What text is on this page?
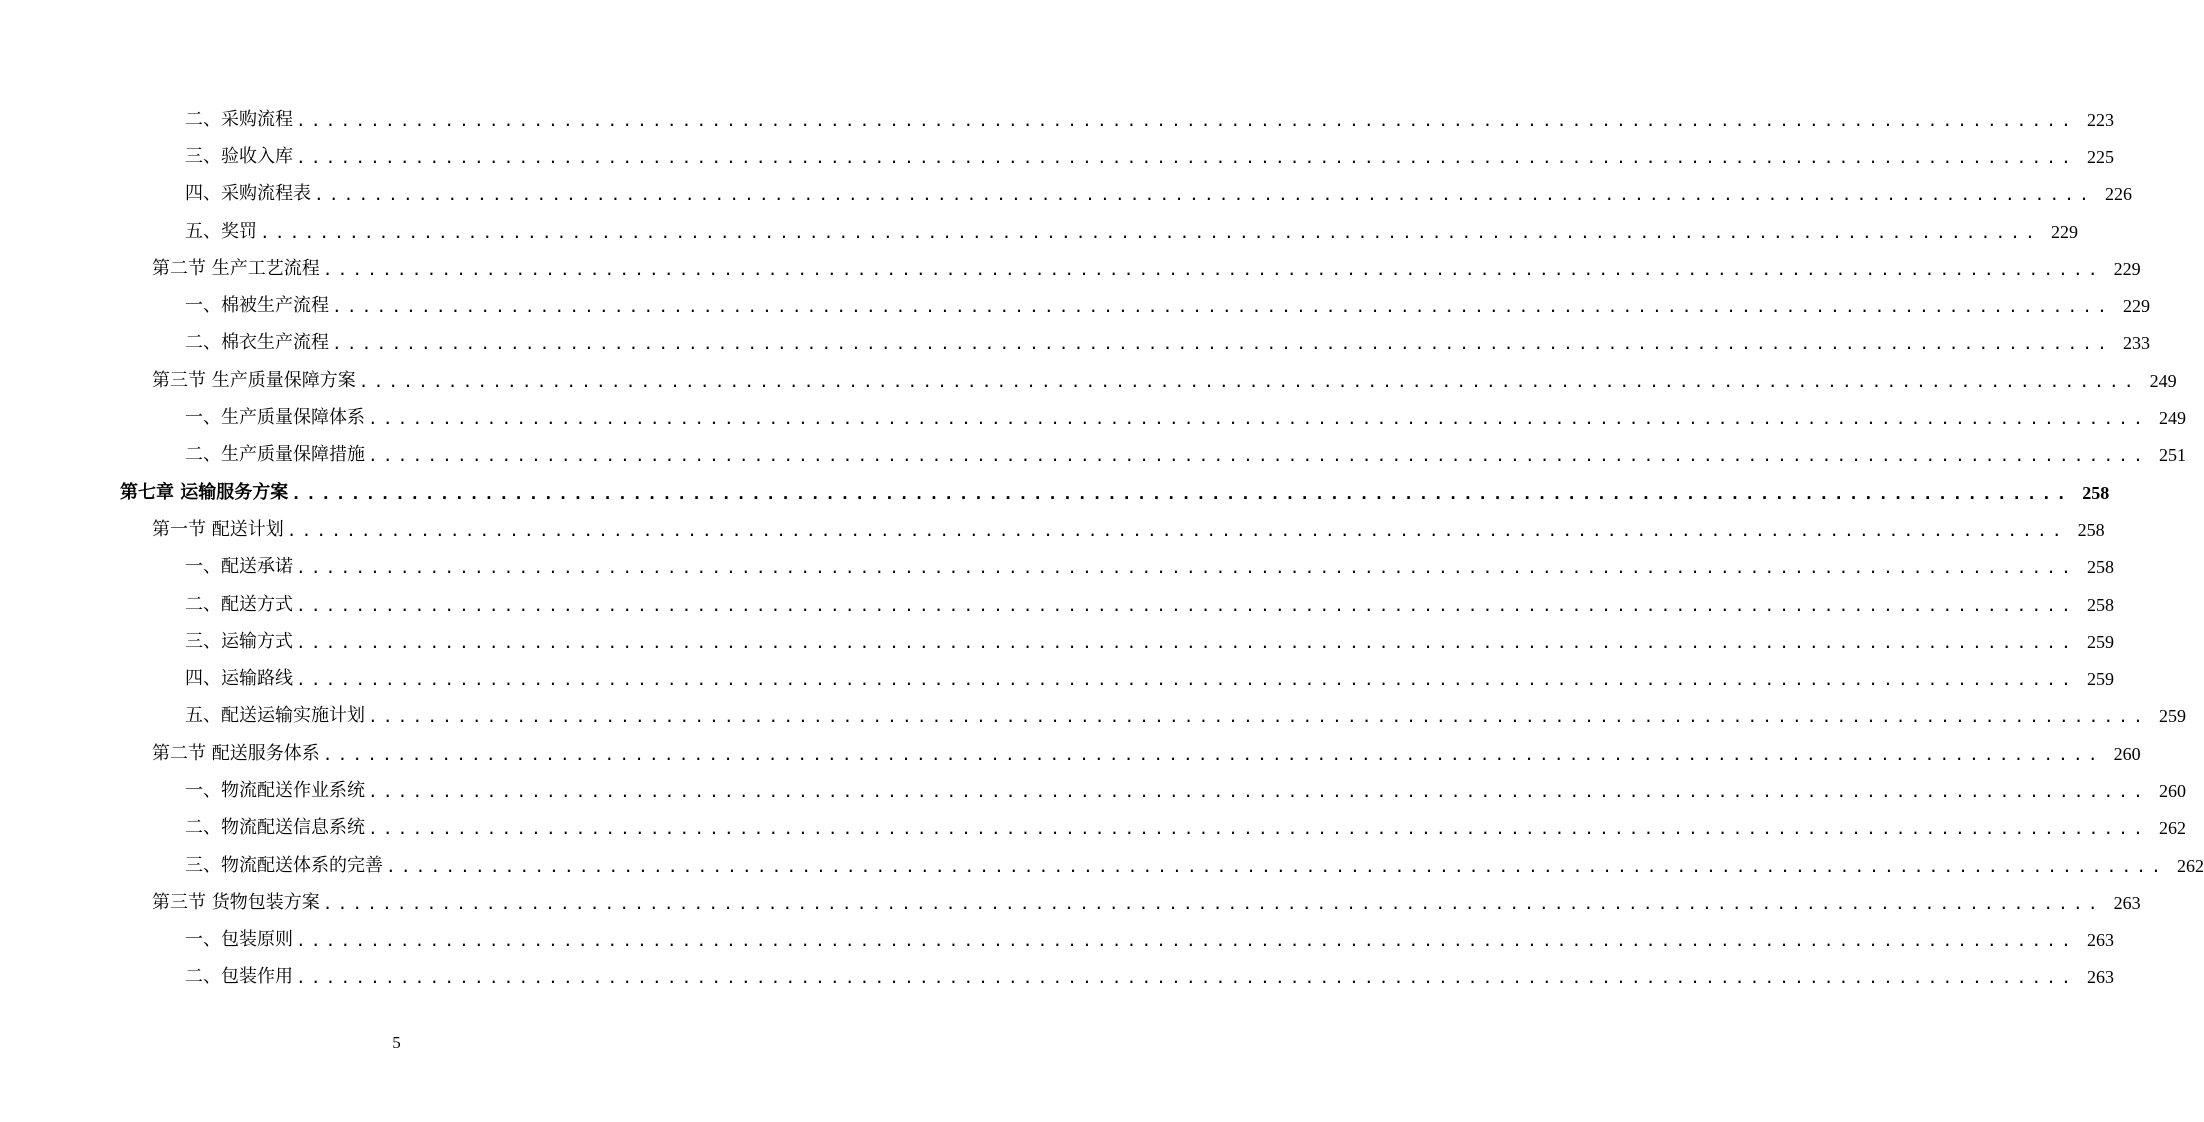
二、采购流程 ........................................................................................................................ 223
三、验收入库 ........................................................................................................................ 225
四、采购流程表 ........................................................................................................................ 226
五、奖罚 ........................................................................................................................ 229
第二节 生产工艺流程 ........................................................................................................................ 229
一、棉被生产流程 ........................................................................................................................ 229
二、棉衣生产流程 ........................................................................................................................ 233
第三节 生产质量保障方案 ........................................................................................................................ 249
一、生产质量保障体系 ........................................................................................................................ 249
二、生产质量保障措施 ........................................................................................................................ 251
第七章 运输服务方案 ........................................................................................................................ 258
第一节 配送计划 ........................................................................................................................ 258
一、配送承诺 ........................................................................................................................ 258
二、配送方式 ........................................................................................................................ 258
三、运输方式 ........................................................................................................................ 259
四、运输路线 ........................................................................................................................ 259
五、配送运输实施计划 ........................................................................................................................ 259
第二节 配送服务体系 ........................................................................................................................ 260
一、物流配送作业系统 ........................................................................................................................ 260
二、物流配送信息系统 ........................................................................................................................ 262
三、物流配送体系的完善 ........................................................................................................................ 262
第三节 货物包装方案 ........................................................................................................................ 263
一、包装原则 ........................................................................................................................ 263
二、包装作用 ........................................................................................................................ 263
5
